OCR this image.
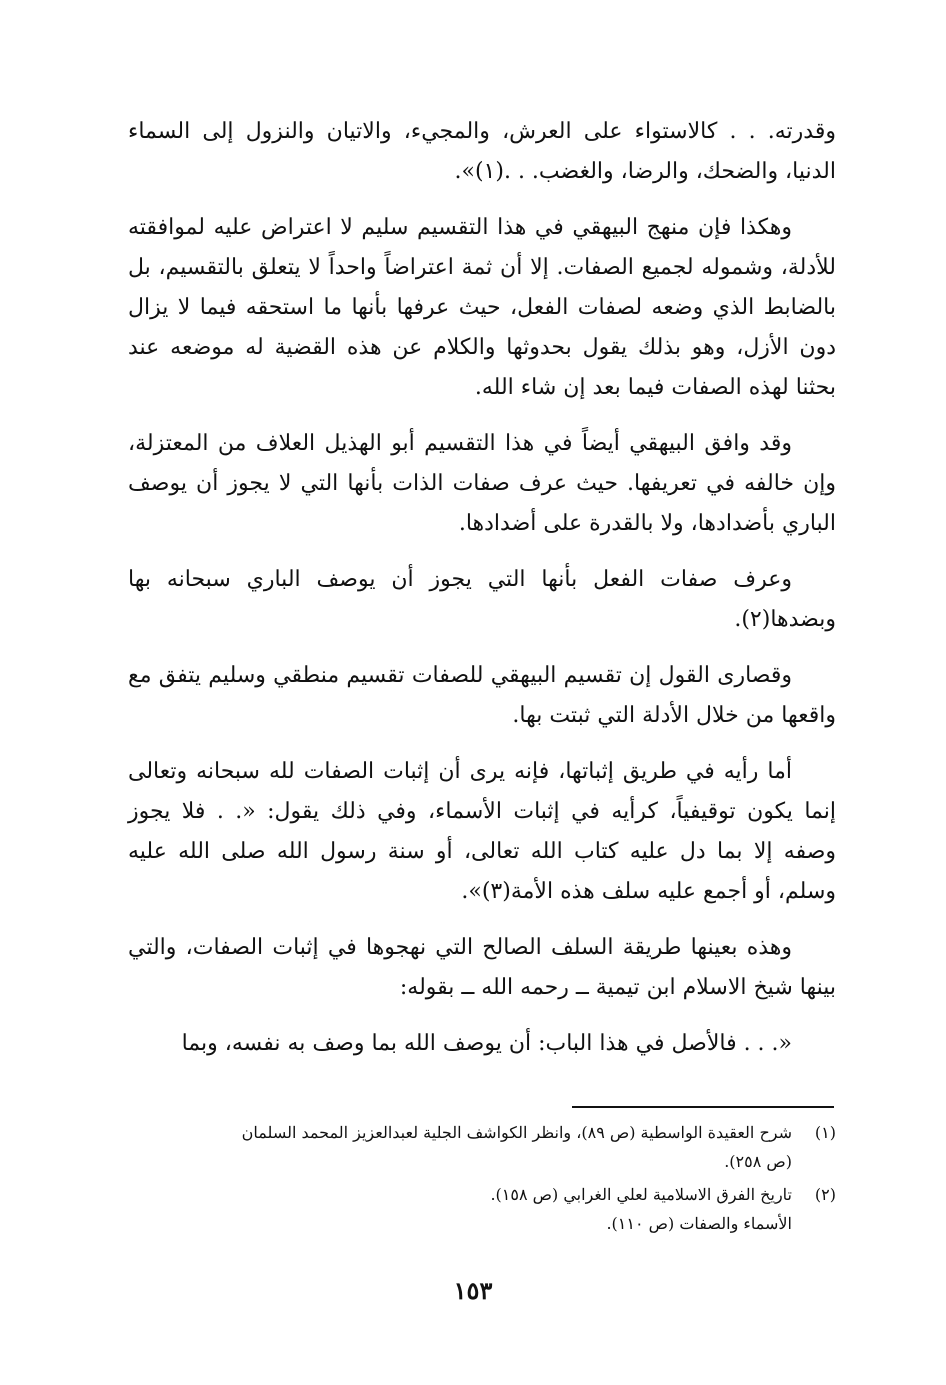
وقدرته. . . كالاستواء على العرش، والمجيء، والاتيان والنزول إلى السماء الدنيا، والضحك، والرضا، والغضب. . .(١)».

وهكذا فإن منهج البيهقي في هذا التقسيم سليم لا اعتراض عليه لموافقته للأدلة، وشموله لجميع الصفات. إلا أن ثمة اعتراضاً واحداً لا يتعلق بالتقسيم، بل بالضابط الذي وضعه لصفات الفعل، حيث عرفها بأنها ما استحقه فيما لا يزال دون الأزل، وهو بذلك يقول بحدوثها والكلام عن هذه القضية له موضعه عند بحثنا لهذه الصفات فيما بعد إن شاء الله.

وقد وافق البيهقي أيضاً في هذا التقسيم أبو الهذيل العلاف من المعتزلة، وإن خالفه في تعريفها. حيث عرف صفات الذات بأنها التي لا يجوز أن يوصف الباري بأضدادها، ولا بالقدرة على أضدادها.

وعرف صفات الفعل بأنها التي يجوز أن يوصف الباري سبحانه بها وبضدها(٢).

وقصارى القول إن تقسيم البيهقي للصفات تقسيم منطقي وسليم يتفق مع واقعها من خلال الأدلة التي ثبتت بها.

أما رأيه في طريق إثباتها، فإنه يرى أن إثبات الصفات لله سبحانه وتعالى إنما يكون توقيفياً، كرأيه في إثبات الأسماء، وفي ذلك يقول: «. . فلا يجوز وصفه إلا بما دل عليه كتاب الله تعالى، أو سنة رسول الله صلى الله عليه وسلم، أو أجمع عليه سلف هذه الأمة(٣)».

وهذه بعينها طريقة السلف الصالح التي نهجوها في إثبات الصفات، والتي بينها شيخ الاسلام ابن تيمية ــ رحمه الله ــ بقوله:

«. . . فالأصل في هذا الباب: أن يوصف الله بما وصف به نفسه، وبما

(١)
شرح العقيدة الواسطية (ص ٨٩)، وانظر الكواشف الجلية لعبدالعزيز المحمد السلمان
(ص ٢٥٨).
(٢)
تاريخ الفرق الاسلامية لعلي الغرابي (ص ١٥٨).
الأسماء والصفات (ص ١١٠).
١٥٣
